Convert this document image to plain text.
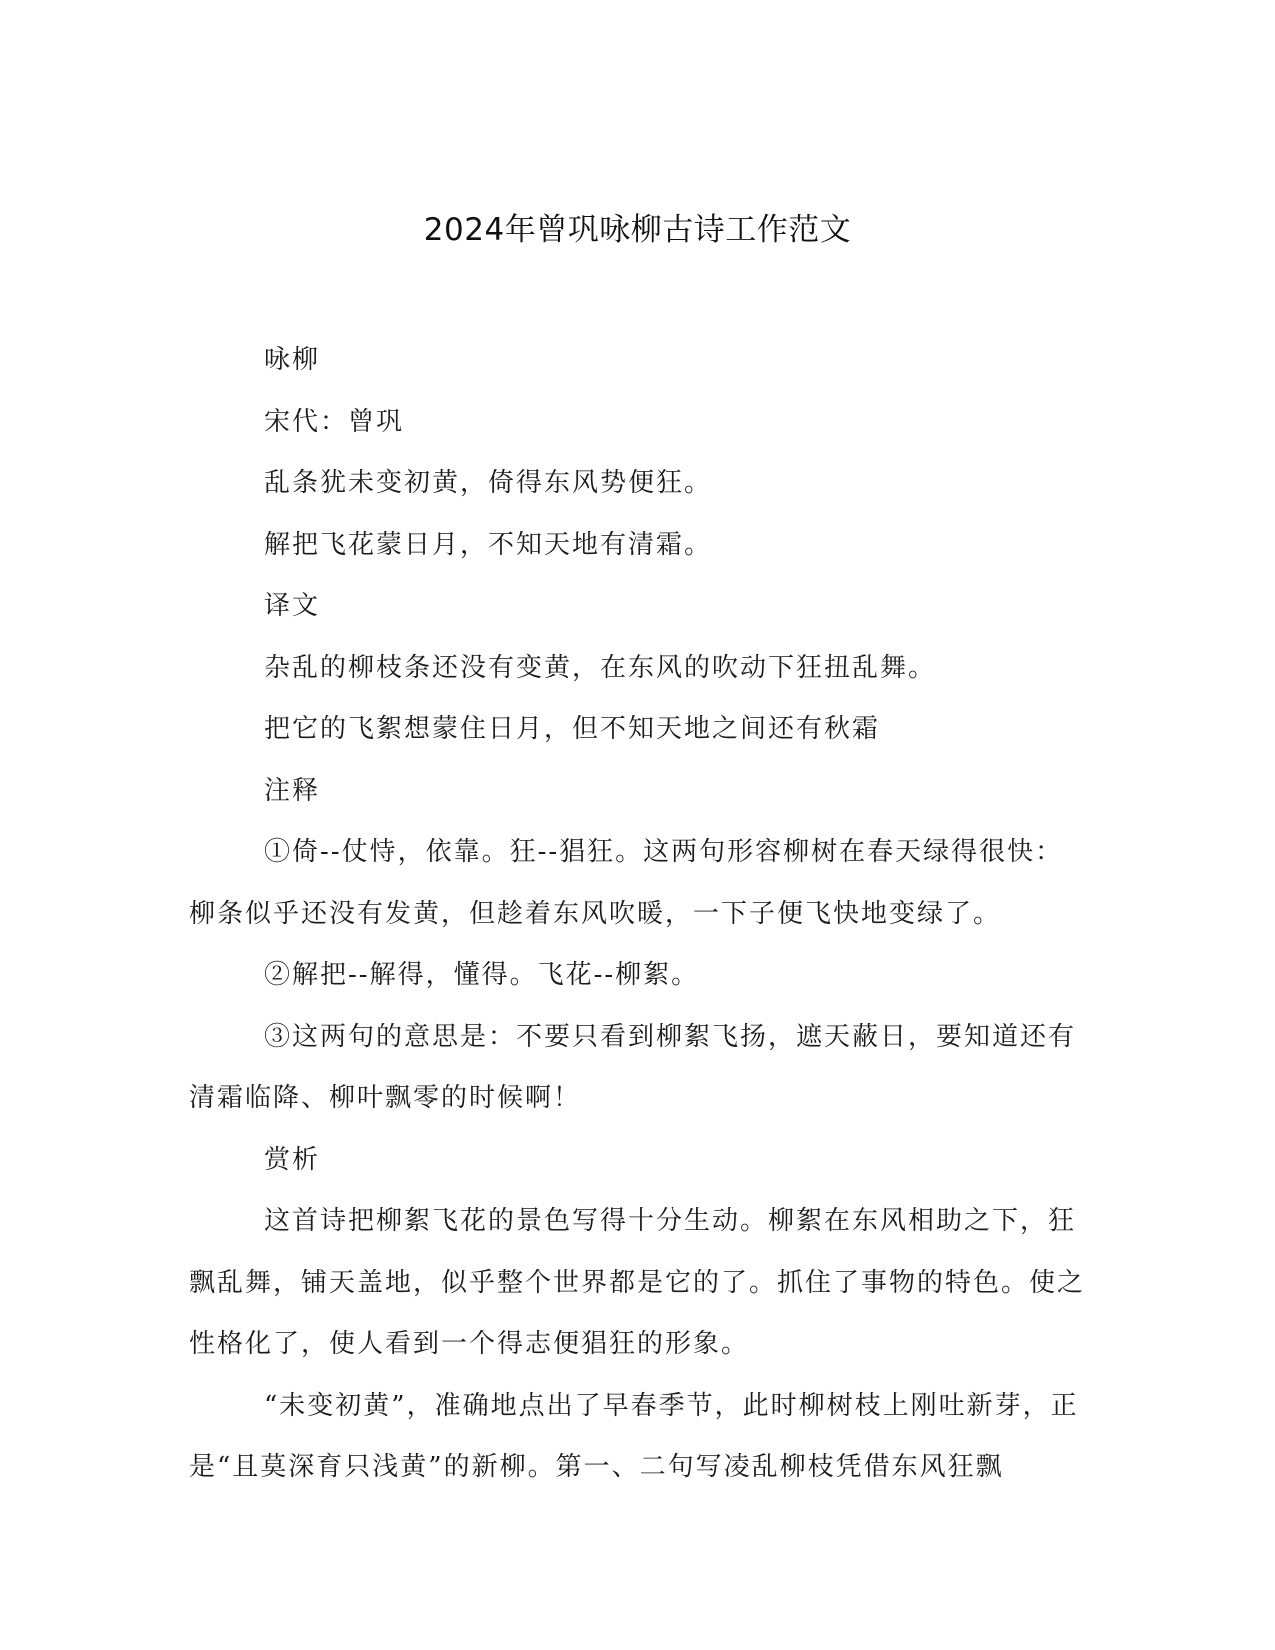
2024年曾巩咏柳古诗工作范文

咏柳

宋代：曾巩

乱条犹未变初黄，倚得东风势便狂。

解把飞花蒙日月，不知天地有清霜。

译文

杂乱的柳枝条还没有变黄，在东风的吹动下狂扭乱舞。

把它的飞絮想蒙住日月，但不知天地之间还有秋霜

注释

①倚--仗恃，依靠。狂--猖狂。这两句形容柳树在春天绿得很快：柳条似乎还没有发黄，但趁着东风吹暖，一下子便飞快地变绿了。

②解把--解得，懂得。飞花--柳絮。

③这两句的意思是：不要只看到柳絮飞扬，遮天蔽日，要知道还有清霜临降、柳叶飘零的时候啊！

赏析

这首诗把柳絮飞花的景色写得十分生动。柳絮在东风相助之下，狂飘乱舞，铺天盖地，似乎整个世界都是它的了。抓住了事物的特色。使之性格化了，使人看到一个得志便猖狂的形象。

“未变初黄”，准确地点出了早春季节，此时柳树枝上刚吐新芽，正是“且莫深育只浅黄”的新柳。第一、二句写凌乱柳枝凭借东风狂飘
